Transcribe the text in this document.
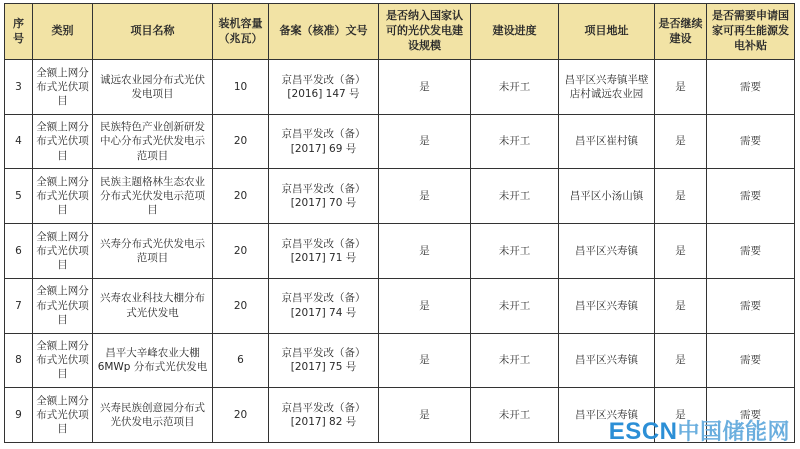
序号	类别	项目名称	装机容量（兆瓦）	备案（核准）文号	是否纳入国家认可的光伏发电建设规模	建设进度	项目地址	是否继续建设	是否需要申请国家可再生能源发电补贴
3	全额上网分布式光伏项目	诚远农业园分布式光伏发电项目	10	京昌平发改（备）[2016] 147 号	是	未开工	昌平区兴寿镇半壁店村诚远农业园	是	需要
4	全额上网分布式光伏项目	民族特色产业创新研发中心分布式光伏发电示范项目	20	京昌平发改（备）[2017] 69 号	是	未开工	昌平区崔村镇	是	需要
5	全额上网分布式光伏项目	民族主题格林生态农业分布式光伏发电示范项目	20	京昌平发改（备）[2017] 70 号	是	未开工	昌平区小汤山镇	是	需要
6	全额上网分布式光伏项目	兴寿分布式光伏发电示范项目	20	京昌平发改（备）[2017] 71 号	是	未开工	昌平区兴寿镇	是	需要
7	全额上网分布式光伏项目	兴寿农业科技大棚分布式光伏发电	20	京昌平发改（备）[2017] 74 号	是	未开工	昌平区兴寿镇	是	需要
8	全额上网分布式光伏项目	昌平大辛峰农业大棚 6MWp 分布式光伏发电	6	京昌平发改（备）[2017] 75 号	是	未开工	昌平区兴寿镇	是	需要
9	全额上网分布式光伏项目	兴寿民族创意园分布式光伏发电示范项目	20	京昌平发改（备）[2017] 82 号	是	未开工	昌平区兴寿镇	是	需要
ESCN中国储能网
